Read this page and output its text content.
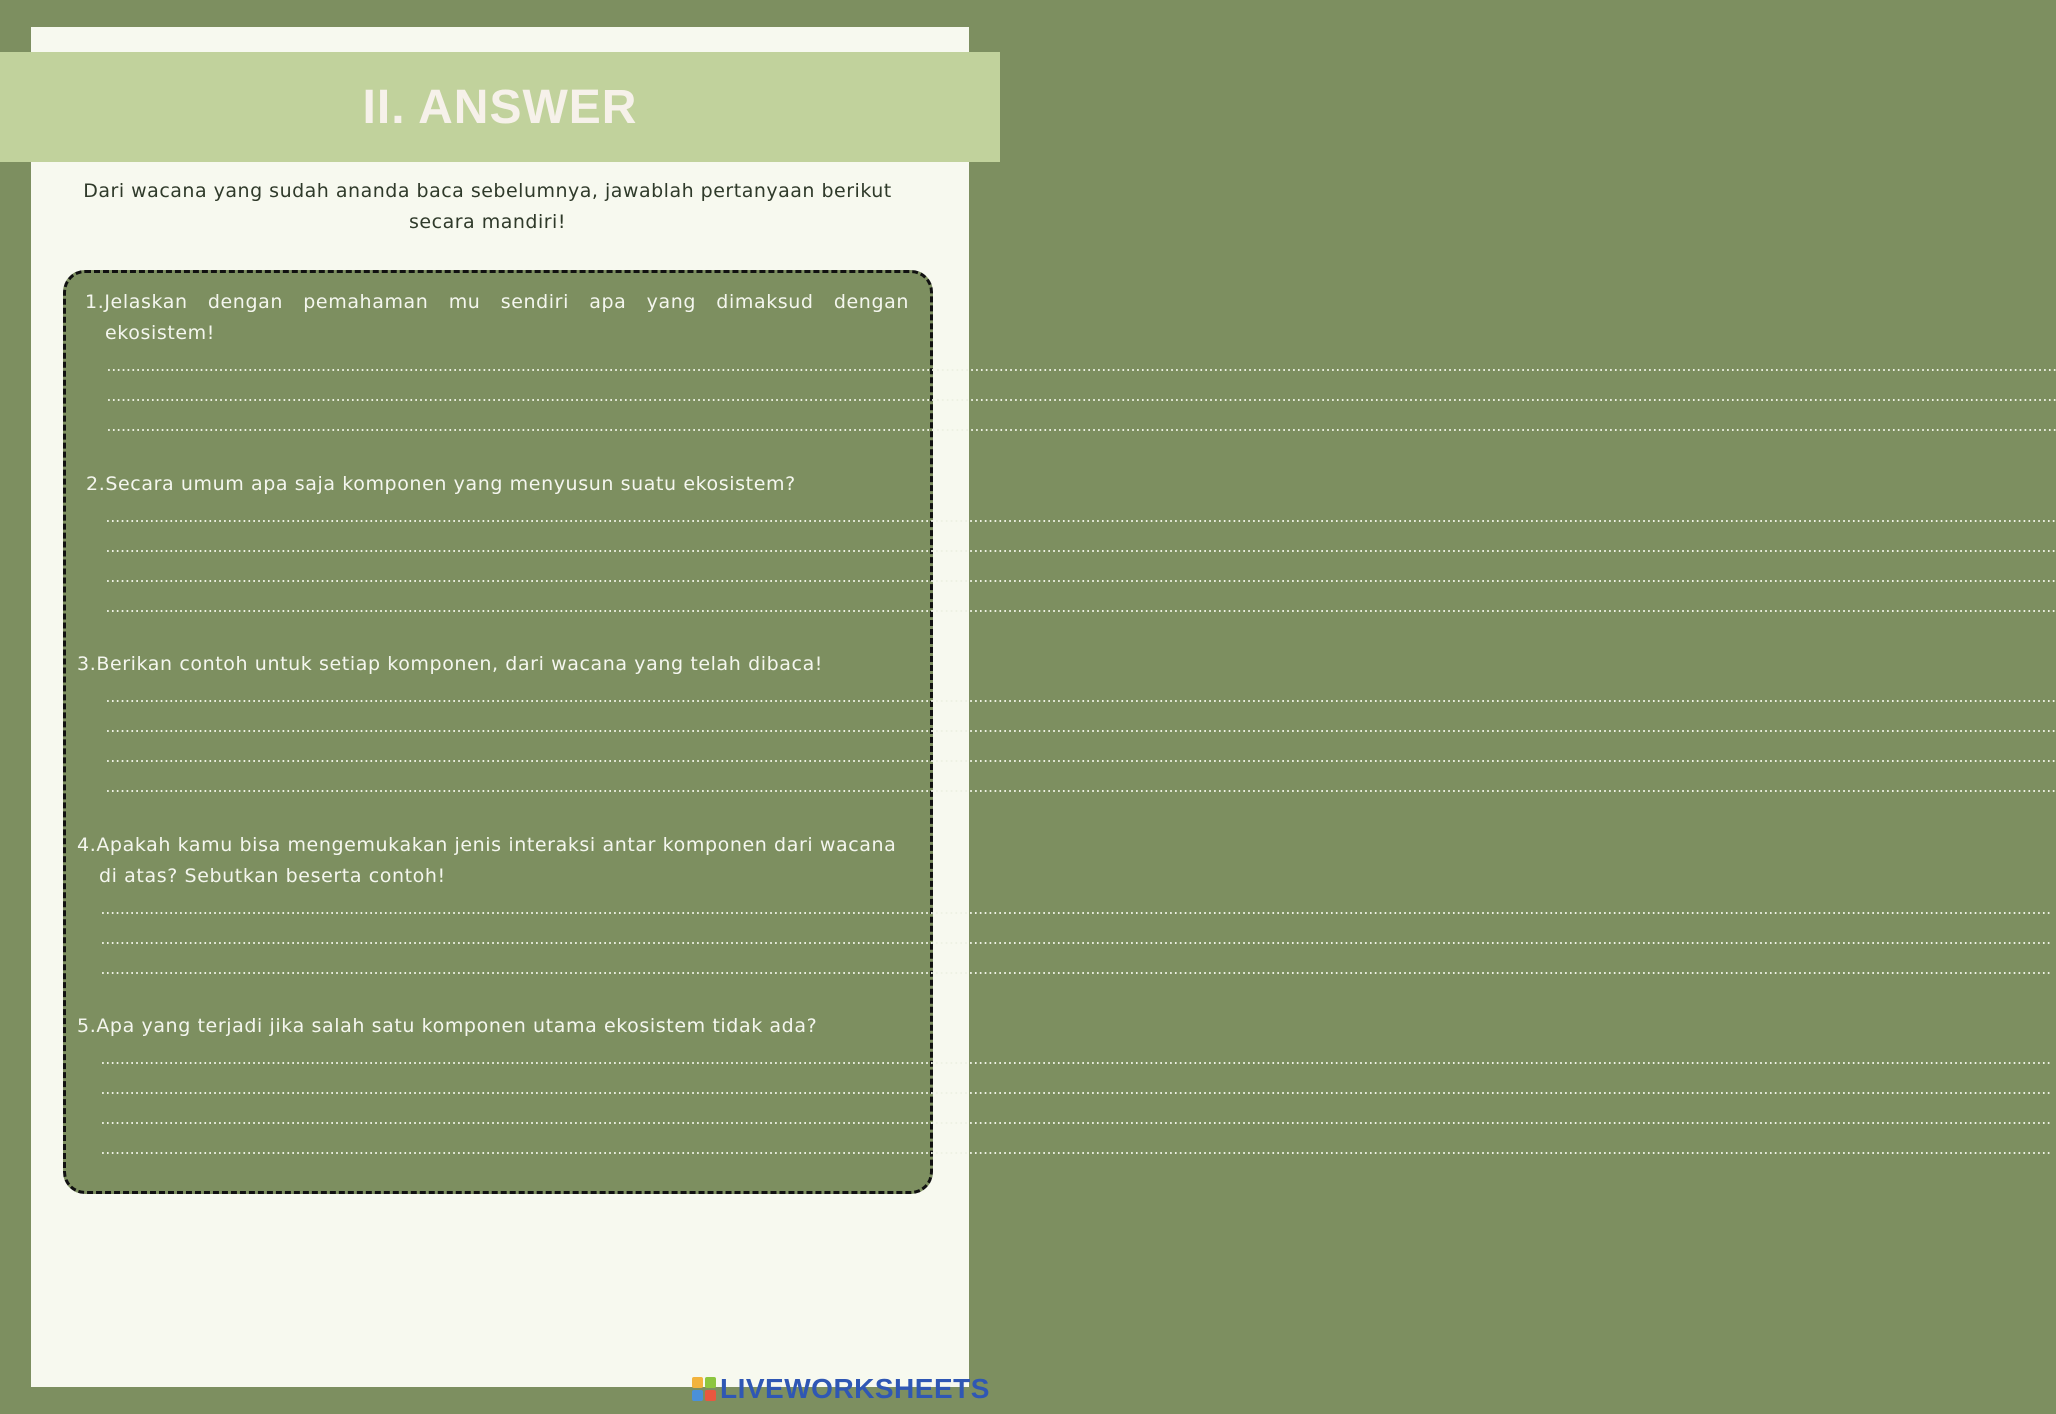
II. ANSWER

Dari wacana yang sudah ananda baca sebelumnya, jawablah pertanyaan berikut secara mandiri!

1.Jelaskan dengan pemahaman mu sendiri apa yang dimaksud dengan ekosistem!

................................................................................................................................................................................................................................................................................................................................................................................................................
................................................................................................................................................................................................................................................................................................................................................................................................................
................................................................................................................................................................................................................................................................................................................................................................................................................

2.Secara umum apa saja komponen yang menyusun suatu ekosistem?

................................................................................................................................................................................................................................................................................................................................................................................................................
................................................................................................................................................................................................................................................................................................................................................................................................................
................................................................................................................................................................................................................................................................................................................................................................................................................
................................................................................................................................................................................................................................................................................................................................................................................................................

3.Berikan contoh untuk setiap komponen, dari wacana yang telah dibaca!

................................................................................................................................................................................................................................................................................................................................................................................................................
................................................................................................................................................................................................................................................................................................................................................................................................................
................................................................................................................................................................................................................................................................................................................................................................................................................
................................................................................................................................................................................................................................................................................................................................................................................................................

4.Apakah kamu bisa mengemukakan jenis interaksi antar komponen dari wacana di atas? Sebutkan beserta contoh!

................................................................................................................................................................................................................................................................................................................................................................................................................
................................................................................................................................................................................................................................................................................................................................................................................................................
................................................................................................................................................................................................................................................................................................................................................................................................................

5.Apa yang terjadi jika salah satu komponen utama ekosistem tidak ada?

................................................................................................................................................................................................................................................................................................................................................................................................................
................................................................................................................................................................................................................................................................................................................................................................................................................
................................................................................................................................................................................................................................................................................................................................................................................................................
................................................................................................................................................................................................................................................................................................................................................................................................................
LIVEWORKSHEETS
